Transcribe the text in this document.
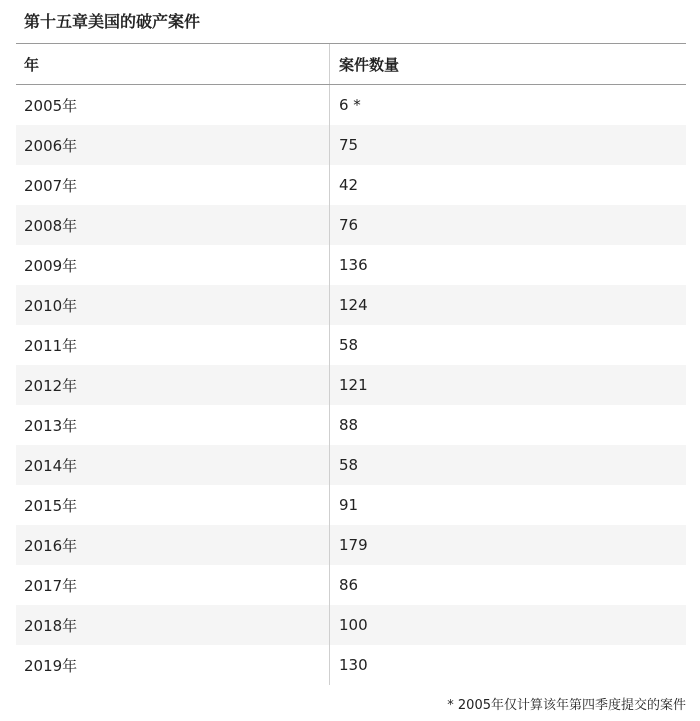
第十五章美国的破产案件
年	案件数量
2005年	6 *
2006年	75
2007年	42
2008年	76
2009年	136
2010年	124
2011年	58
2012年	121
2013年	88
2014年	58
2015年	91
2016年	179
2017年	86
2018年	100
2019年	130
* 2005年仅计算该年第四季度提交的案件
